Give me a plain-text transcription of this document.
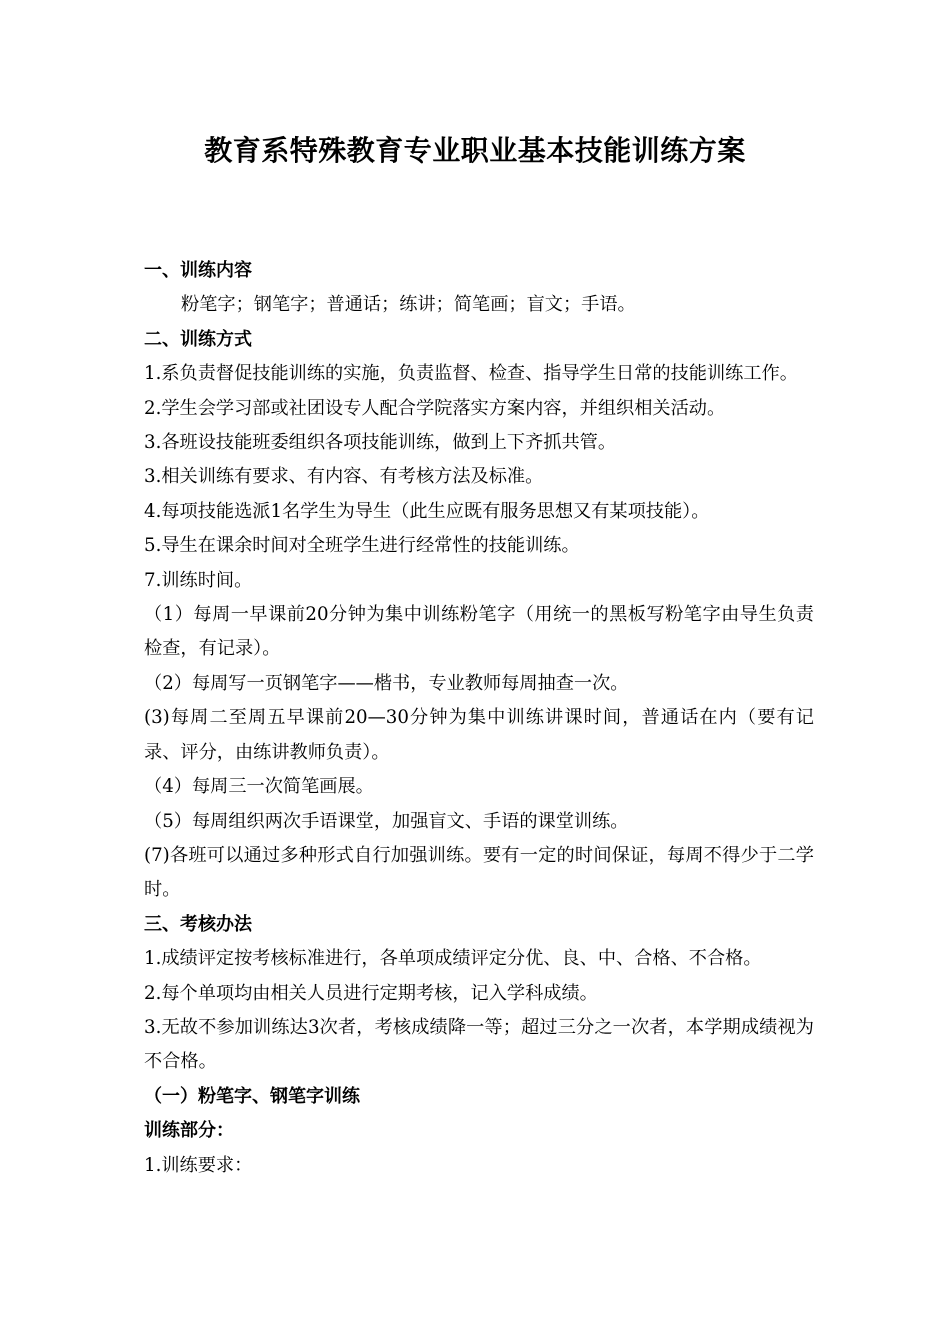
教育系特殊教育专业职业基本技能训练方案

一、训练内容

粉笔字；钢笔字；普通话；练讲；简笔画；盲文；手语。

二、训练方式

1.系负责督促技能训练的实施，负责监督、检查、指导学生日常的技能训练工作。

2.学生会学习部或社团设专人配合学院落实方案内容，并组织相关活动。

3.各班设技能班委组织各项技能训练，做到上下齐抓共管。

3.相关训练有要求、有内容、有考核方法及标准。

4.每项技能选派1名学生为导生（此生应既有服务思想又有某项技能）。

5.导生在课余时间对全班学生进行经常性的技能训练。

7.训练时间。

（1）每周一早课前20分钟为集中训练粉笔字（用统一的黑板写粉笔字由导生负责检查，有记录）。

（2）每周写一页钢笔字——楷书，专业教师每周抽查一次。

(3)每周二至周五早课前20—30分钟为集中训练讲课时间，普通话在内（要有记录、评分，由练讲教师负责）。

（4）每周三一次简笔画展。

（5）每周组织两次手语课堂，加强盲文、手语的课堂训练。

(7)各班可以通过多种形式自行加强训练。要有一定的时间保证，每周不得少于二学时。

三、考核办法

1.成绩评定按考核标准进行，各单项成绩评定分优、良、中、合格、不合格。

2.每个单项均由相关人员进行定期考核，记入学科成绩。

3.无故不参加训练达3次者，考核成绩降一等；超过三分之一次者，本学期成绩视为不合格。

（一）粉笔字、钢笔字训练

训练部分：

1.训练要求：
